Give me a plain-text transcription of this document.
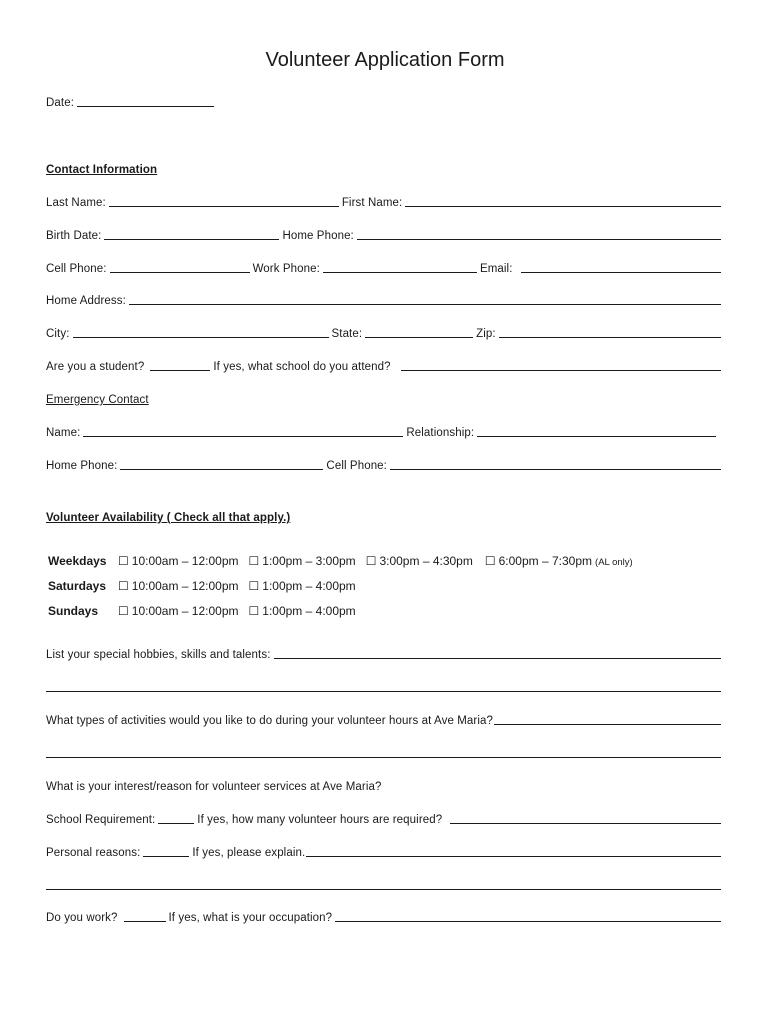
Volunteer Application Form
Date:
Contact Information
Last Name:	First Name:
Birth Date:	Home Phone:
Cell Phone:	Work Phone:	Email:
Home Address:
City:	State:	Zip:
Are you a student?	If yes, what school do you attend?
Emergency Contact
Name:	Relationship:
Home Phone:	Cell Phone:
Volunteer Availability ( Check all that apply.)
Weekdays ☐ 10:00am – 12:00pm ☐ 1:00pm – 3:00pm ☐ 3:00pm – 4:30pm ☐ 6:00pm – 7:30pm (AL only)
Saturdays ☐ 10:00am – 12:00pm ☐ 1:00pm – 4:00pm
Sundays	☐ 10:00am – 12:00pm ☐ 1:00pm – 4:00pm
List your special hobbies, skills and talents:
What types of activities would you like to do during your volunteer hours at Ave Maria?
What is your interest/reason for volunteer services at Ave Maria?
School Requirement:	If yes, how many volunteer hours are required?
Personal reasons:	If yes, please explain.
Do you work?	If yes, what is your occupation?
